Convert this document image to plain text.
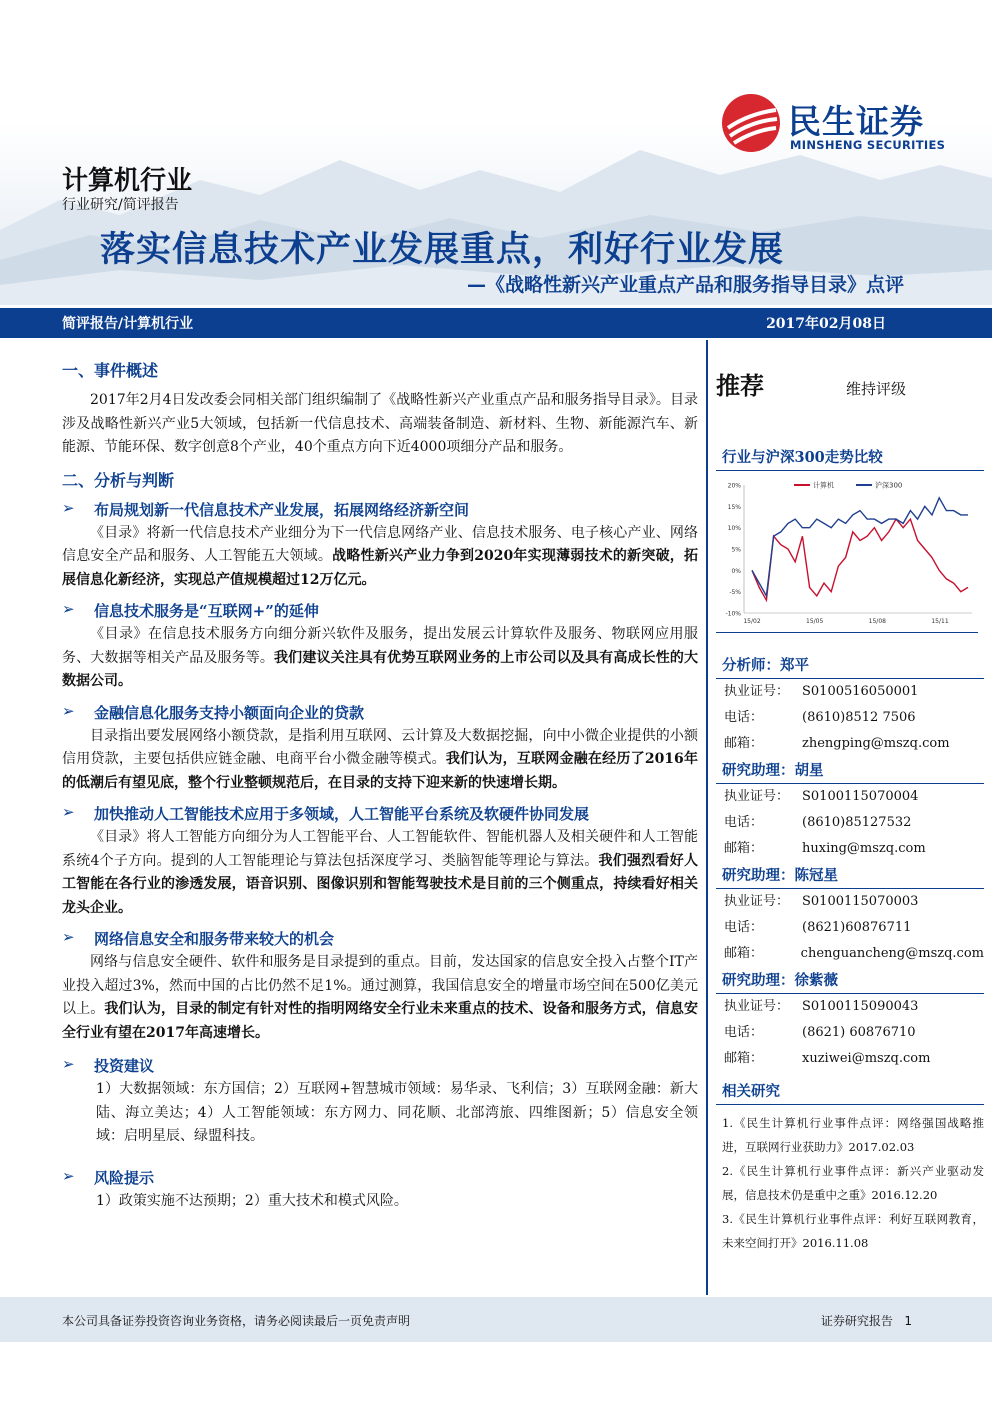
民生证券
MINSHENG SECURITIES
计算机行业
行业研究/简评报告
落实信息技术产业发展重点，利好行业发展
—《战略性新兴产业重点产品和服务指导目录》点评
简评报告/计算机行业	2017年02月08日
一、事件概述
2017年2月4日发改委会同相关部门组织编制了《战略性新兴产业重点产品和服务指导目录》。目录涉及战略性新兴产业5大领域，包括新一代信息技术、高端装备制造、新材料、生物、新能源汽车、新能源、节能环保、数字创意8个产业，40个重点方向下近4000项细分产品和服务。
二、分析与判断
➢ 布局规划新一代信息技术产业发展，拓展网络经济新空间
《目录》将新一代信息技术产业细分为下一代信息网络产业、信息技术服务、电子核心产业、网络信息安全产品和服务、人工智能五大领域。战略性新兴产业力争到2020年实现薄弱技术的新突破，拓展信息化新经济，实现总产值规模超过12万亿元。
➢ 信息技术服务是“互联网+”的延伸
《目录》在信息技术服务方向细分新兴软件及服务，提出发展云计算软件及服务、物联网应用服务、大数据等相关产品及服务等。我们建议关注具有优势互联网业务的上市公司以及具有高成长性的大数据公司。
➢ 金融信息化服务支持小额面向企业的贷款
目录指出要发展网络小额贷款，是指利用互联网、云计算及大数据挖掘，向中小微企业提供的小额信用贷款，主要包括供应链金融、电商平台小微金融等模式。我们认为，互联网金融在经历了2016年的低潮后有望见底，整个行业整顿规范后，在目录的支持下迎来新的快速增长期。
➢ 加快推动人工智能技术应用于多领域，人工智能平台系统及软硬件协同发展
《目录》将人工智能方向细分为人工智能平台、人工智能软件、智能机器人及相关硬件和人工智能系统4个子方向。提到的人工智能理论与算法包括深度学习、类脑智能等理论与算法。我们强烈看好人工智能在各行业的渗透发展，语音识别、图像识别和智能驾驶技术是目前的三个侧重点，持续看好相关龙头企业。
➢ 网络信息安全和服务带来较大的机会
网络与信息安全硬件、软件和服务是目录提到的重点。目前，发达国家的信息安全投入占整个IT产业投入超过3%，然而中国的占比仍然不足1%。通过测算，我国信息安全的增量市场空间在500亿美元以上。我们认为，目录的制定有针对性的指明网络安全行业未来重点的技术、设备和服务方式，信息安全行业有望在2017年高速增长。
➢ 投资建议
1）大数据领域：东方国信；2）互联网+智慧城市领域：易华录、飞利信；3）互联网金融：新大陆、海立美达；4）人工智能领域：东方网力、同花顺、北部湾旅、四维图新；5）信息安全领域：启明星辰、绿盟科技。
➢ 风险提示
1）政策实施不达预期；2）重大技术和模式风险。
推荐	维持评级
行业与沪深300走势比较
20%
15%
10%
5%
0%
-5%
-10%
15/02	15/05	15/08	15/11
计算机	沪深300
分析师：郑平
执业证号： S0100516050001
电话：	(8610)8512 7506
邮箱：	zhengping@mszq.com
研究助理：胡星
执业证号： S0100115070004
电话：	(8610)85127532
邮箱：	huxing@mszq.com
研究助理：陈冠星
执业证号： S0100115070003
电话：	(8621)60876711
邮箱：	chenguancheng@mszq.com
研究助理：徐紫薇
执业证号： S0100115090043
电话：	(8621) 60876710
邮箱：	xuziwei@mszq.com
相关研究
1.《民生计算机行业事件点评：网络强国战略推进，互联网行业获助力》2017.02.03
2.《民生计算机行业事件点评：新兴产业驱动发展，信息技术仍是重中之重》2016.12.20
3.《民生计算机行业事件点评：利好互联网教育，未来空间打开》2016.11.08
本公司具备证券投资咨询业务资格，请务必阅读最后一页免责声明	证券研究报告 1
